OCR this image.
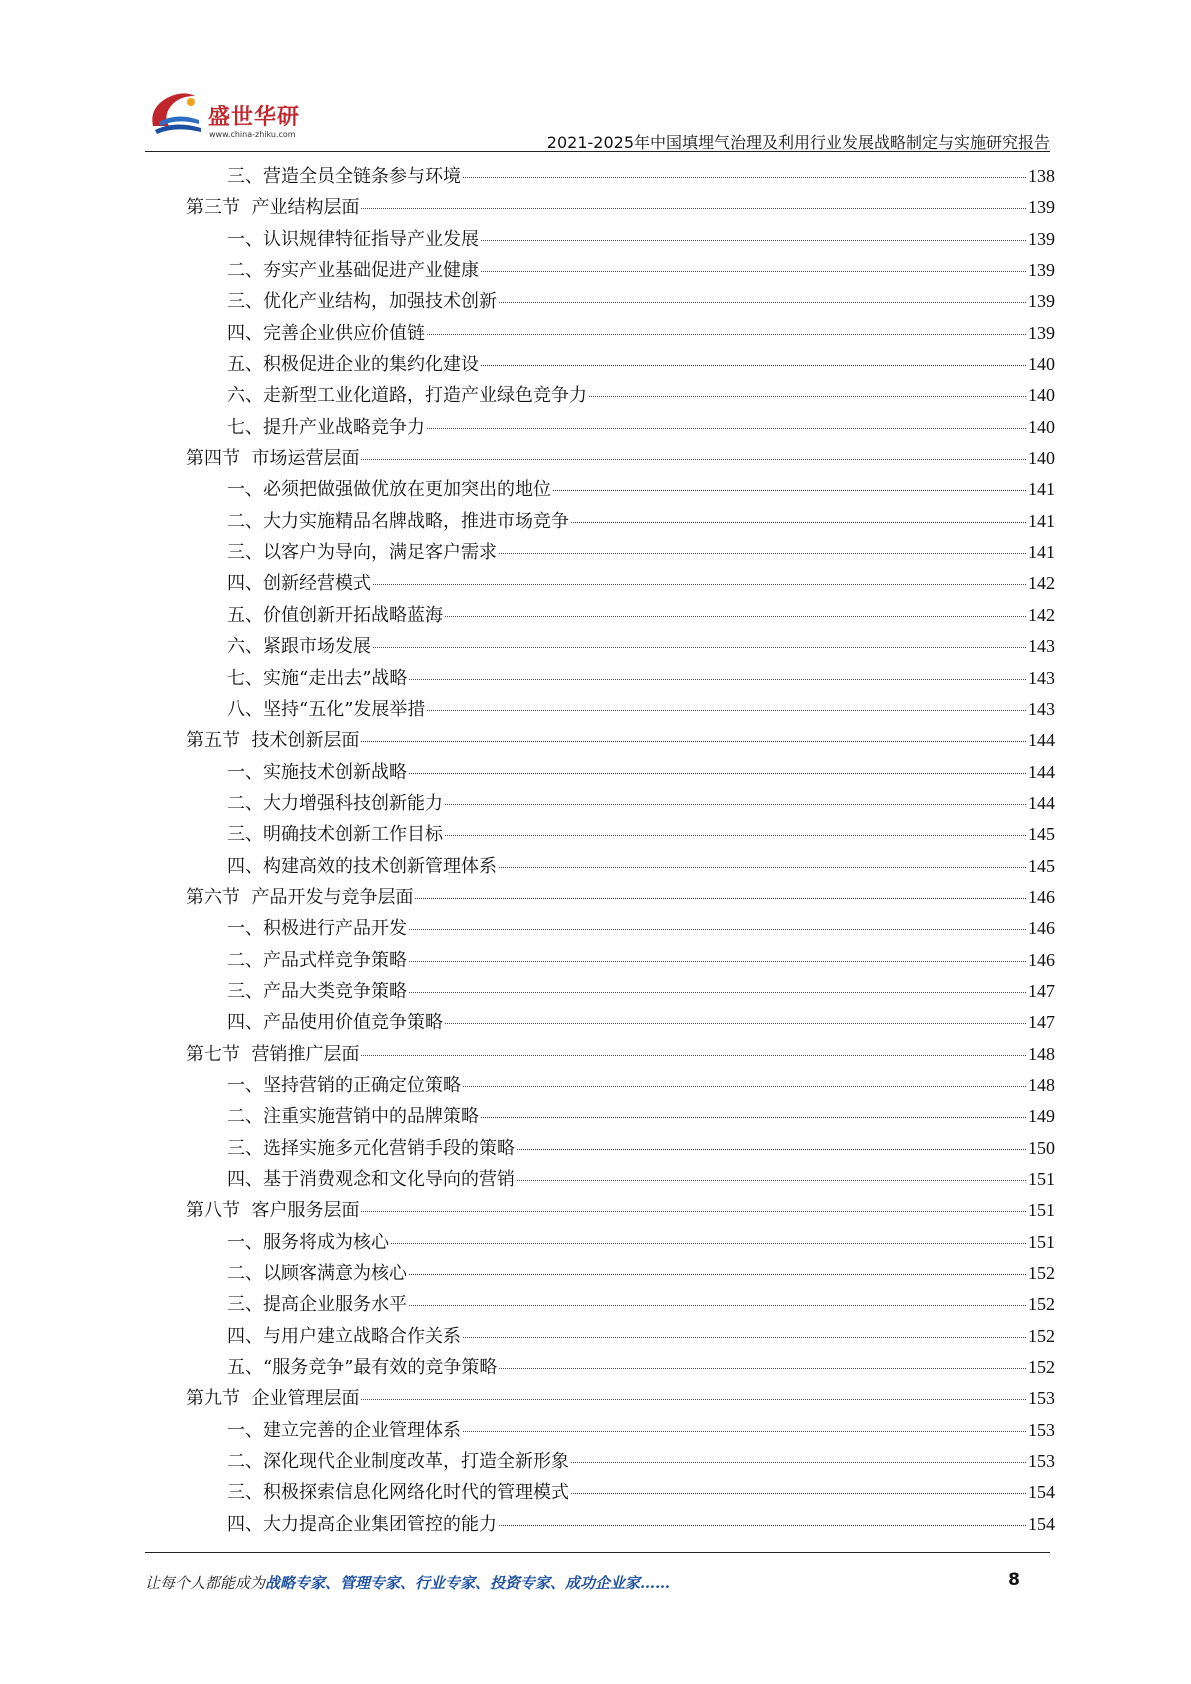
盛世华研
www.china-zhiku.com	2021-2025年中国填埋气治理及利用行业发展战略制定与实施研究报告
三、营造全员全链条参与环境	138
第三节  产业结构层面	139
一、认识规律特征指导产业发展	139
二、夯实产业基础促进产业健康	139
三、优化产业结构，加强技术创新	139
四、完善企业供应价值链	139
五、积极促进企业的集约化建设	140
六、走新型工业化道路，打造产业绿色竞争力	140
七、提升产业战略竞争力	140
第四节  市场运营层面	140
一、必须把做强做优放在更加突出的地位	141
二、大力实施精品名牌战略，推进市场竞争	141
三、以客户为导向，满足客户需求	141
四、创新经营模式	142
五、价值创新开拓战略蓝海	142
六、紧跟市场发展	143
七、实施“走出去”战略	143
八、坚持“五化”发展举措	143
第五节  技术创新层面	144
一、实施技术创新战略	144
二、大力增强科技创新能力	144
三、明确技术创新工作目标	145
四、构建高效的技术创新管理体系	145
第六节  产品开发与竞争层面	146
一、积极进行产品开发	146
二、产品式样竞争策略	146
三、产品大类竞争策略	147
四、产品使用价值竞争策略	147
第七节  营销推广层面	148
一、坚持营销的正确定位策略	148
二、注重实施营销中的品牌策略	149
三、选择实施多元化营销手段的策略	150
四、基于消费观念和文化导向的营销	151
第八节  客户服务层面	151
一、服务将成为核心	151
二、以顾客满意为核心	152
三、提高企业服务水平	152
四、与用户建立战略合作关系	152
五、“服务竞争”最有效的竞争策略	152
第九节  企业管理层面	153
一、建立完善的企业管理体系	153
二、深化现代企业制度改革，打造全新形象	153
三、积极探索信息化网络化时代的管理模式	154
四、大力提高企业集团管控的能力	154
让每个人都能成为战略专家、管理专家、行业专家、投资专家、成功企业家……	8
